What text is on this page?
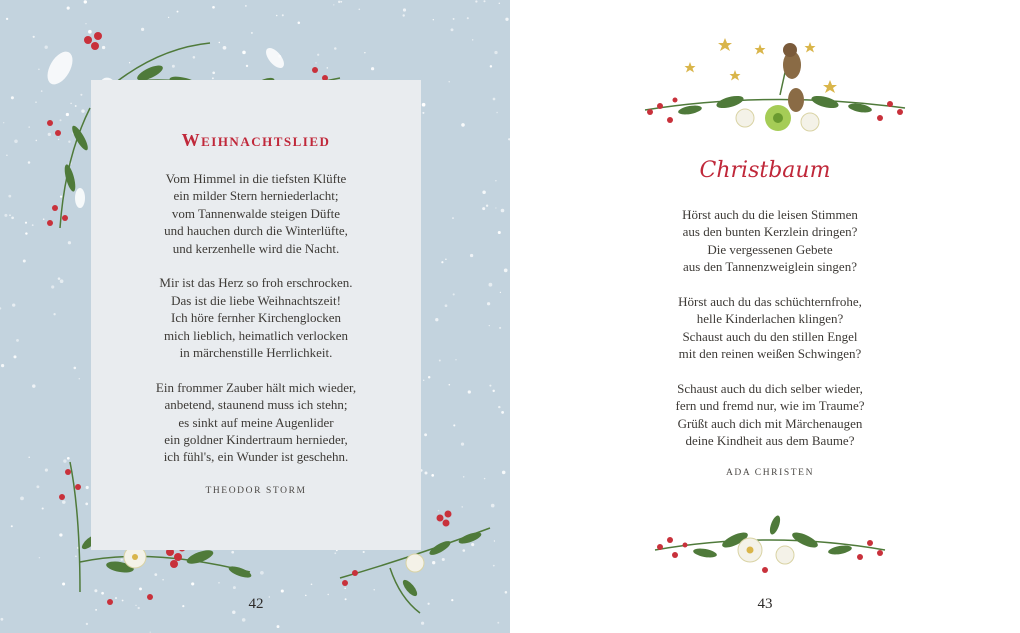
Weihnachtslied
Vom Himmel in die tiefsten Klüfte
ein milder Stern herniederlacht;
vom Tannenwalde steigen Düfte
und hauchen durch die Winterlüfte,
und kerzenhelle wird die Nacht.
Mir ist das Herz so froh erschrocken.
Das ist die liebe Weihnachtszeit!
Ich höre fernher Kirchenglocken
mich lieblich, heimatlich verlocken
in märchenstille Herrlichkeit.
Ein frommer Zauber hält mich wieder,
anbetend, staunend muss ich stehn;
es sinkt auf meine Augenlider
ein goldner Kindertraum hernieder,
ich fühl's, ein Wunder ist geschehn.
THEODOR STORM
42
Christbaum
Hörst auch du die leisen Stimmen
aus den bunten Kerzlein dringen?
Die vergessenen Gebete
aus den Tannenzweiglein singen?
Hörst auch du das schüchternfrohe,
helle Kinderlachen klingen?
Schaust auch du den stillen Engel
mit den reinen weißen Schwingen?
Schaust auch du dich selber wieder,
fern und fremd nur, wie im Traume?
Grüßt auch dich mit Märchenaugen
deine Kindheit aus dem Baume?
ADA CHRISTEN
43
